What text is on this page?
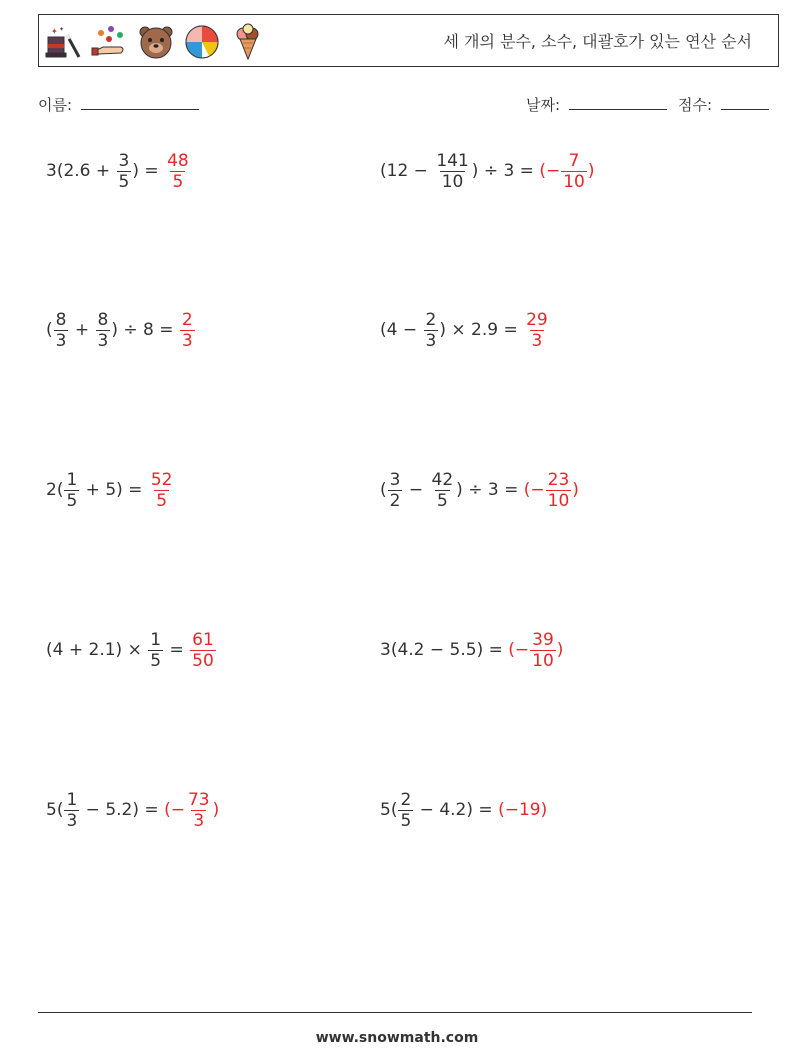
✦ ✦
세 개의 분수, 소수, 대괄호가 있는 연산 순서
이름:	날짜:	점수:
$3(2.6 + \frac{3}{5}$ ) = $\frac{48}{5}$	($12 - \frac{141}{10}$ ) ÷ 3 = (− $\frac{7}{10}$ )
( $\frac{8}{3} + \frac{8}{3}$ ) ÷ $8 = \frac{2}{3}$	($4 - \frac{2}{3}$ ) × $2.9 = \frac{29}{3}$
$2( \frac{1}{5} + 5) = \frac{52}{5}$	( $\frac{3}{2} - \frac{42}{5}$ ) ÷ 3 = (− $\frac{23}{10}$ )
$(4 + 2.1) \times \frac{1}{5} = \frac{61}{50}$	3(4.2 − 5.5) = (− $\frac{39}{10}$ )
$5( \frac{1}{3} - 5.2)$ = (− $\frac{73}{3}$ )	$5( \frac{2}{5} - 4.2) = (-19)$
www.snowmath.com
